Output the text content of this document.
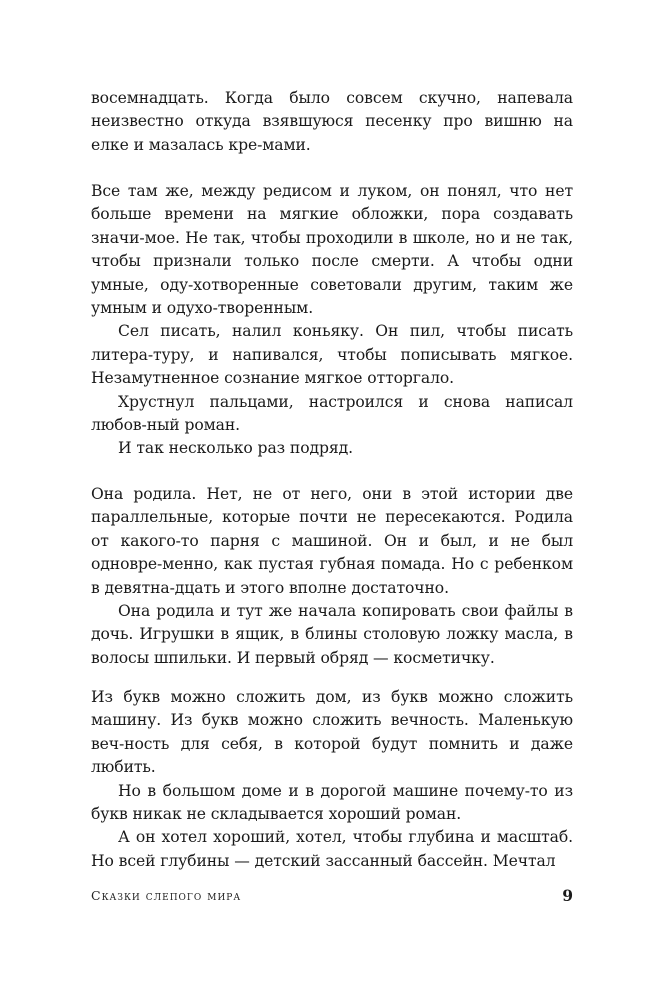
восемнадцать. Когда было совсем скучно, напевала неизвестно откуда взявшуюся песенку про вишню на елке и мазалась кре-мами.

Все там же, между редисом и луком, он понял, что нет больше времени на мягкие обложки, пора создавать значи-мое. Не так, чтобы проходили в школе, но и не так, чтобы признали только после смерти. А чтобы одни умные, оду-хотворенные советовали другим, таким же умным и одухо-творенным.

Сел писать, налил коньяку. Он пил, чтобы писать литера-туру, и напивался, чтобы пописывать мягкое. Незамутненное сознание мягкое отторгало.

Хрустнул пальцами, настроился и снова написал любов-ный роман.

И так несколько раз подряд.

Она родила. Нет, не от него, они в этой истории две параллельные, которые почти не пересекаются. Родила от какого-то парня с машиной. Он и был, и не был одновре-менно, как пустая губная помада. Но с ребенком в девятна-дцать и этого вполне достаточно.

Она родила и тут же начала копировать свои файлы в дочь. Игрушки в ящик, в блины столовую ложку масла, в волосы шпильки. И первый обряд — косметичку.

Из букв можно сложить дом, из букв можно сложить машину. Из букв можно сложить вечность. Маленькую веч-ность для себя, в которой будут помнить и даже любить.

Но в большом доме и в дорогой машине почему-то из букв никак не складывается хороший роман.

А он хотел хороший, хотел, чтобы глубина и масштаб. Но всей глубины — детский зассанный бассейн. Мечтал

Сказки слепого мира	9
